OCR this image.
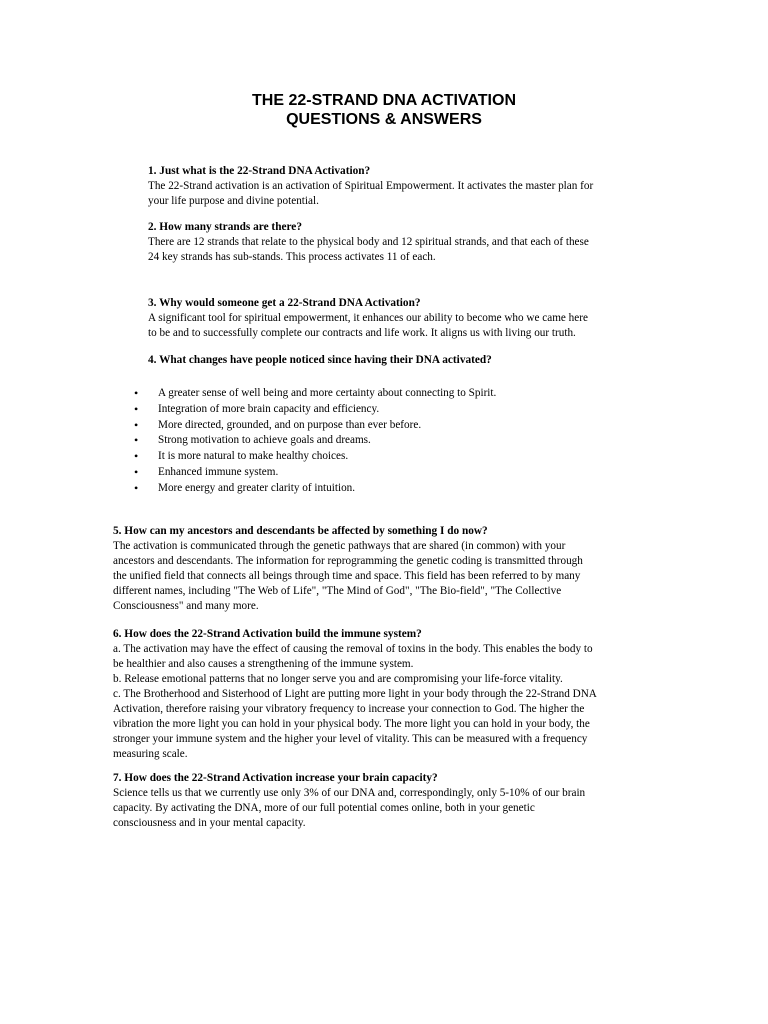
THE 22-STRAND DNA ACTIVATION
QUESTIONS & ANSWERS

1. Just what is the 22-Strand DNA Activation?

The 22-Strand activation is an activation of Spiritual Empowerment. It activates the master plan for
your life purpose and divine potential.

2. How many strands are there?

There are 12 strands that relate to the physical body and 12 spiritual strands, and that each of these
24 key strands has sub-stands. This process activates 11 of each.

3. Why would someone get a 22-Strand DNA Activation?

A significant tool for spiritual empowerment, it enhances our ability to become who we came here
to be and to successfully complete our contracts and life work. It aligns us with living our truth.

4. What changes have people noticed since having their DNA activated?

• A greater sense of well being and more certainty about connecting to Spirit.
• Integration of more brain capacity and efficiency.
• More directed, grounded, and on purpose than ever before.
• Strong motivation to achieve goals and dreams.
• It is more natural to make healthy choices.
• Enhanced immune system.
• More energy and greater clarity of intuition.

5. How can my ancestors and descendants be affected by something I do now?

The activation is communicated through the genetic pathways that are shared (in common) with your
ancestors and descendants. The information for reprogramming the genetic coding is transmitted through
the unified field that connects all beings through time and space. This field has been referred to by many
different names, including "The Web of Life", "The Mind of God", "The Bio-field", "The Collective
Consciousness" and many more.

6. How does the 22-Strand Activation build the immune system?

a. The activation may have the effect of causing the removal of toxins in the body. This enables the body to
be healthier and also causes a strengthening of the immune system.
b. Release emotional patterns that no longer serve you and are compromising your life-force vitality.
c. The Brotherhood and Sisterhood of Light are putting more light in your body through the 22-Strand DNA
Activation, therefore raising your vibratory frequency to increase your connection to God. The higher the
vibration the more light you can hold in your physical body. The more light you can hold in your body, the
stronger your immune system and the higher your level of vitality. This can be measured with a frequency
measuring scale.

7. How does the 22-Strand Activation increase your brain capacity?

Science tells us that we currently use only 3% of our DNA and, correspondingly, only 5-10% of our brain
capacity. By activating the DNA, more of our full potential comes online, both in your genetic
consciousness and in your mental capacity.
